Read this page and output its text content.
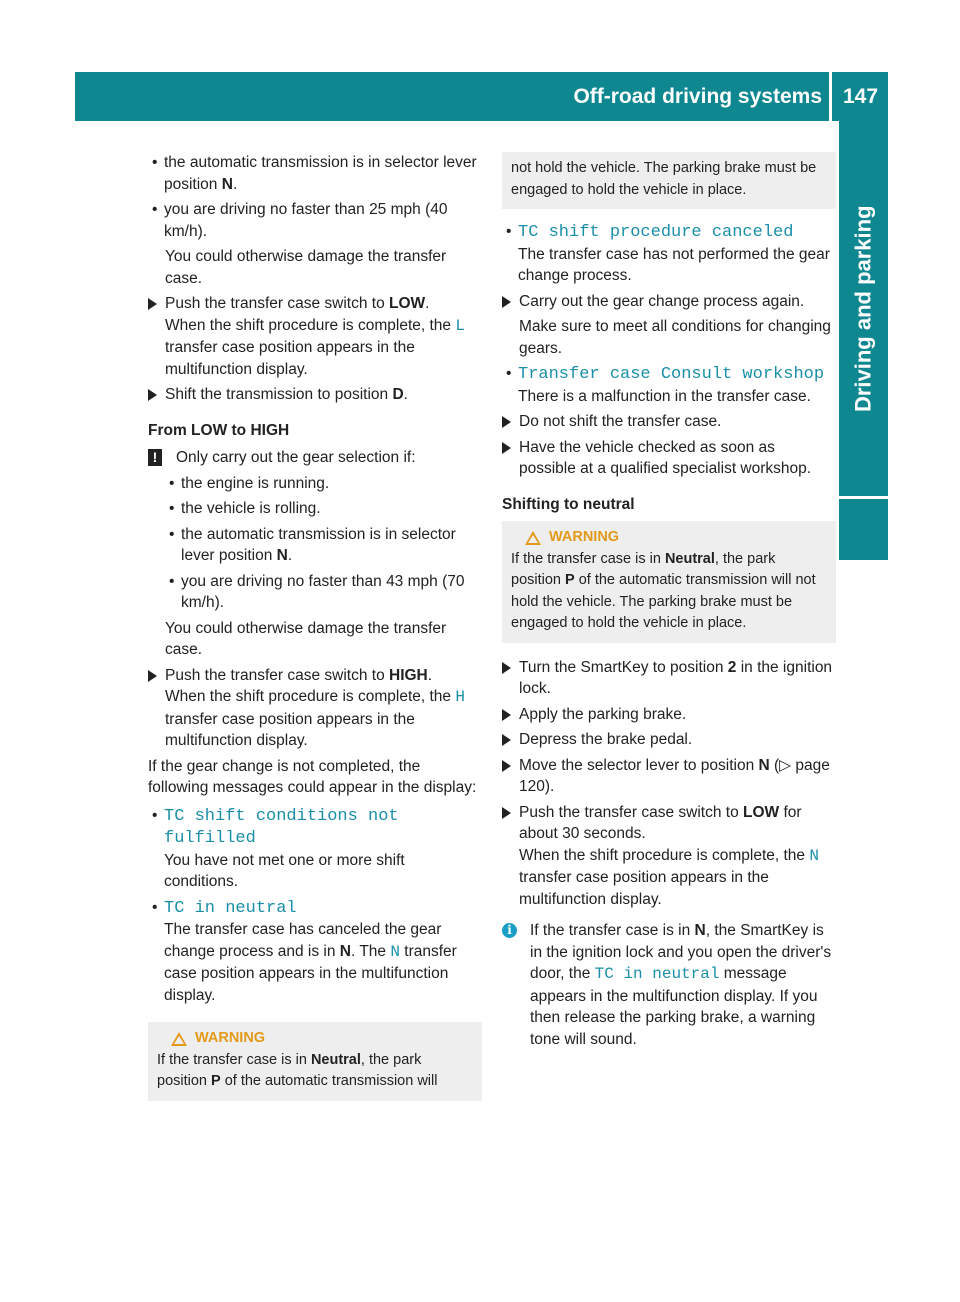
Off-road driving systems 147
Driving and parking
• the automatic transmission is in selector lever position N.
• you are driving no faster than 25 mph (40 km/h).
You could otherwise damage the transfer case.
Push the transfer case switch to LOW.
When the shift procedure is complete, the L transfer case position appears in the multifunction display.
Shift the transmission to position D.
From LOW to HIGH
!	Only carry out the gear selection if:
• the engine is running.
• the vehicle is rolling.
• the automatic transmission is in selector lever position N.
• you are driving no faster than 43 mph (70 km/h).
You could otherwise damage the transfer case.
Push the transfer case switch to HIGH.
When the shift procedure is complete, the H transfer case position appears in the multifunction display.
If the gear change is not completed, the following messages could appear in the display:
• TC shift conditions not fulfilled
You have not met one or more shift conditions.
• TC in neutral
The transfer case has canceled the gear change process and is in N. The N transfer case position appears in the multifunction display.
WARNING
If the transfer case is in Neutral, the park position P of the automatic transmission will
not hold the vehicle. The parking brake must be engaged to hold the vehicle in place.
• TC shift procedure canceled
The transfer case has not performed the gear change process.
Carry out the gear change process again.
Make sure to meet all conditions for changing gears.
• Transfer case Consult workshop
There is a malfunction in the transfer case.
Do not shift the transfer case.
Have the vehicle checked as soon as possible at a qualified specialist workshop.
Shifting to neutral
WARNING
If the transfer case is in Neutral, the park position P of the automatic transmission will not hold the vehicle. The parking brake must be engaged to hold the vehicle in place.
Turn the SmartKey to position 2 in the ignition lock.
Apply the parking brake.
Depress the brake pedal.
Move the selector lever to position N (▷ page 120).
Push the transfer case switch to LOW for about 30 seconds.
When the shift procedure is complete, the N transfer case position appears in the multifunction display.
i	If the transfer case is in N, the SmartKey is in the ignition lock and you open the driver's door, the TC in neutral message appears in the multifunction display. If you then release the parking brake, a warning tone will sound.
